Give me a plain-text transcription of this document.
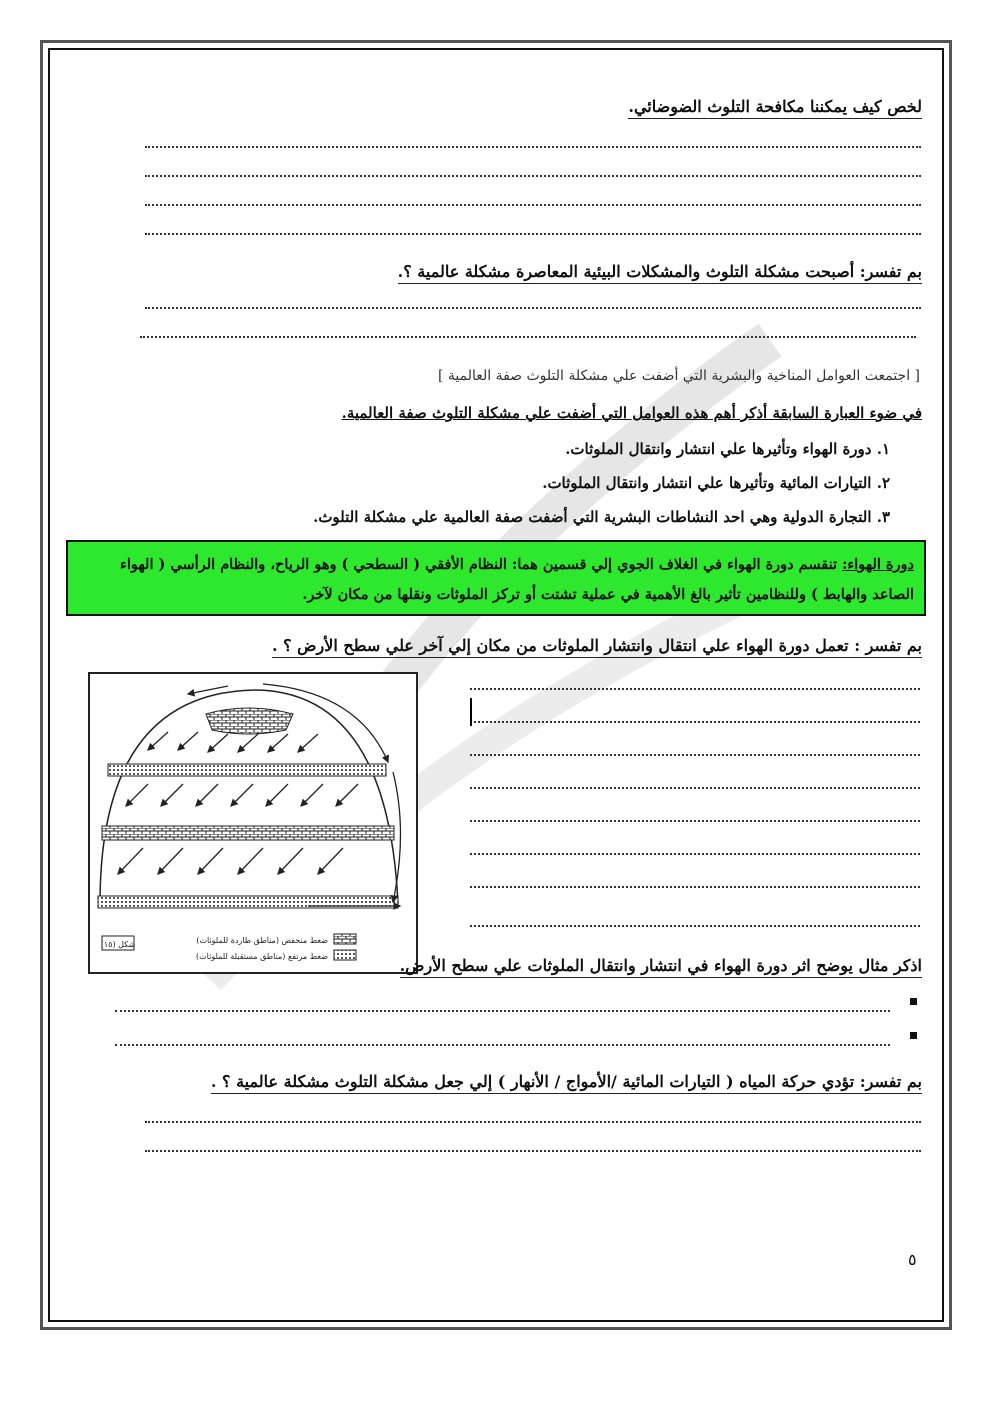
لخص كيف يمكننا مكافحة التلوث الضوضائي.
بم تفسر: أصبحت مشكلة التلوث والمشكلات البيئية المعاصرة مشكلة عالمية ؟.
[ اجتمعت العوامل المناخية والبشرية التي أضفت علي مشكلة التلوث صفة العالمية ]
في ضوء العبارة السابقة أذكر أهم هذه العوامل التي أضفت علي مشكلة التلوث صفة العالمية.
١. دورة الهواء وتأثيرها علي انتشار وانتقال الملوثات.
٢. التيارات المائية وتأثيرها علي انتشار وانتقال الملوثات.
٣. التجارة الدولية وهي احد النشاطات البشرية التي أضفت صفة العالمية علي مشكلة التلوث.
دورة الهواء: تنقسم دورة الهواء في الغلاف الجوي إلي قسمين هما: النظام الأفقي ( السطحي ) وهو الرياح، والنظام الرأسي ( الهواء الصاعد والهابط ) وللنظامين تأثير بالغ الأهمية في عملية تشتت أو تركز الملوثات ونقلها من مكان لآخر.
بم تفسر : تعمل دورة الهواء علي انتقال وانتشار الملوثات من مكان إلي آخر علي سطح الأرض ؟ .
ضغط منخفض (مناطق طاردة للملوثات)
ضغط مرتفع (مناطق مستقبلة للملوثات)
شكل (١٥)
اذكر مثال يوضح اثر دورة الهواء في انتشار وانتقال الملوثات علي سطح الأرض.
بم تفسر: تؤدي حركة المياه ( التيارات المائية /الأمواج / الأنهار ) إلي جعل مشكلة التلوث مشكلة عالمية ؟ .
٥
